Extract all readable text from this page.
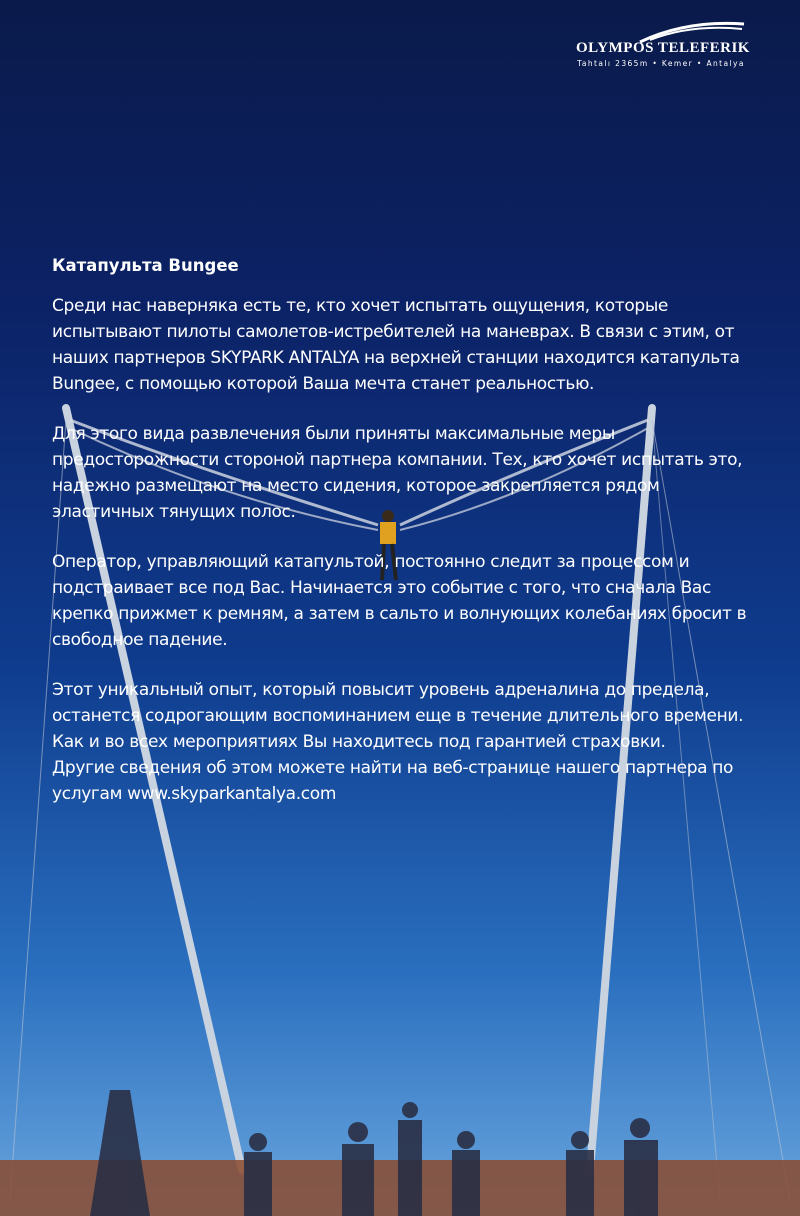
OLYMPOS TELEFERIK
Tahtalı 2365m • Kemer • Antalya
Катапульта Bungee

Среди нас наверняка есть те, кто хочет испытать ощущения, которые испытывают пилоты самолетов-истребителей на маневрах. В связи с этим, от наших партнеров SKYPARK ANTALYA на верхней станции находится катапульта Bungee, с помощью которой Ваша мечта станет реальностью.

Для этого вида развлечения были приняты максимальные меры предосторожности стороной партнера компании. Тех, кто хочет испытать это, надежно размещают на место сидения, которое закрепляется рядом эластичных тянущих полос.

Оператор, управляющий катапультой, постоянно следит за процессом и подстраивает все под Вас. Начинается это событие с того, что сначала Вас крепко прижмет к ремням, а затем в сальто и волнующих колебаниях бросит в свободное падение.

Этот уникальный опыт, который повысит уровень адреналина до предела, останется содрогающим воспоминанием еще в течение длительного времени. Как и во всех мероприятиях Вы находитесь под гарантией страховки.

Другие сведения об этом можете найти на веб-странице нашего партнера по услугам www.skyparkantalya.com
